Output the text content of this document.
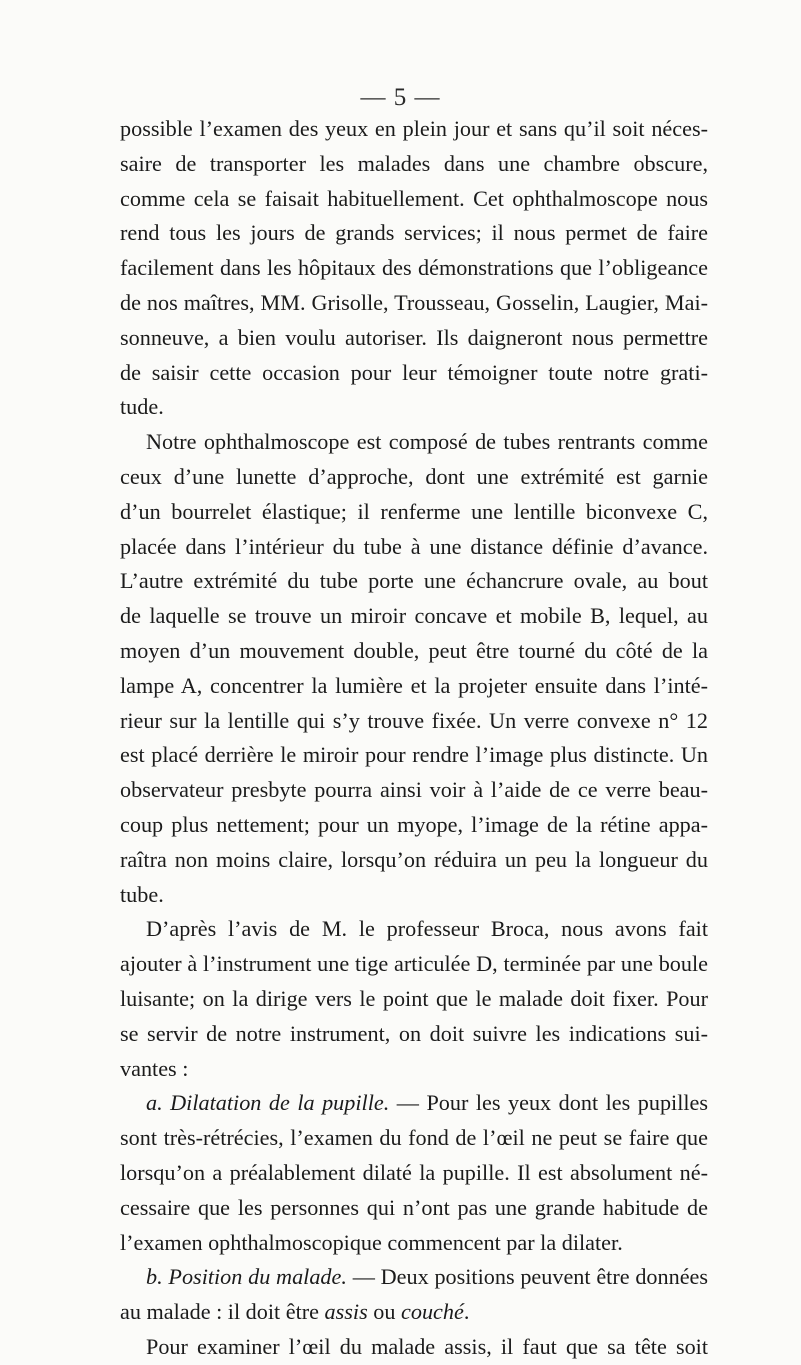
— 5 —
possible l’examen des yeux en plein jour et sans qu’il soit néces-
saire de transporter les malades dans une chambre obscure,
comme cela se faisait habituellement. Cet ophthalmoscope nous
rend tous les jours de grands services; il nous permet de faire
facilement dans les hôpitaux des démonstrations que l’obligeance
de nos maîtres, MM. Grisolle, Trousseau, Gosselin, Laugier, Mai-
sonneuve, a bien voulu autoriser. Ils daigneront nous permettre
de saisir cette occasion pour leur témoigner toute notre grati-
tude.
Notre ophthalmoscope est composé de tubes rentrants comme
ceux d’une lunette d’approche, dont une extrémité est garnie
d’un bourrelet élastique; il renferme une lentille biconvexe C,
placée dans l’intérieur du tube à une distance définie d’avance.
L’autre extrémité du tube porte une échancrure ovale, au bout
de laquelle se trouve un miroir concave et mobile B, lequel, au
moyen d’un mouvement double, peut être tourné du côté de la
lampe A, concentrer la lumière et la projeter ensuite dans l’inté-
rieur sur la lentille qui s’y trouve fixée. Un verre convexe n° 12
est placé derrière le miroir pour rendre l’image plus distincte. Un
observateur presbyte pourra ainsi voir à l’aide de ce verre beau-
coup plus nettement; pour un myope, l’image de la rétine appa-
raîtra non moins claire, lorsqu’on réduira un peu la longueur du
tube.
D’après l’avis de M. le professeur Broca, nous avons fait
ajouter à l’instrument une tige articulée D, terminée par une boule
luisante; on la dirige vers le point que le malade doit fixer. Pour
se servir de notre instrument, on doit suivre les indications sui-
vantes :
a. Dilatation de la pupille. — Pour les yeux dont les pupilles
sont très-rétrécies, l’examen du fond de l’œil ne peut se faire que
lorsqu’on a préalablement dilaté la pupille. Il est absolument né-
cessaire que les personnes qui n’ont pas une grande habitude de
l’examen ophthalmoscopique commencent par la dilater.
b. Position du malade. — Deux positions peuvent être données
au malade : il doit être assis ou couché.
Pour examiner l’œil du malade assis, il faut que sa tête soit
